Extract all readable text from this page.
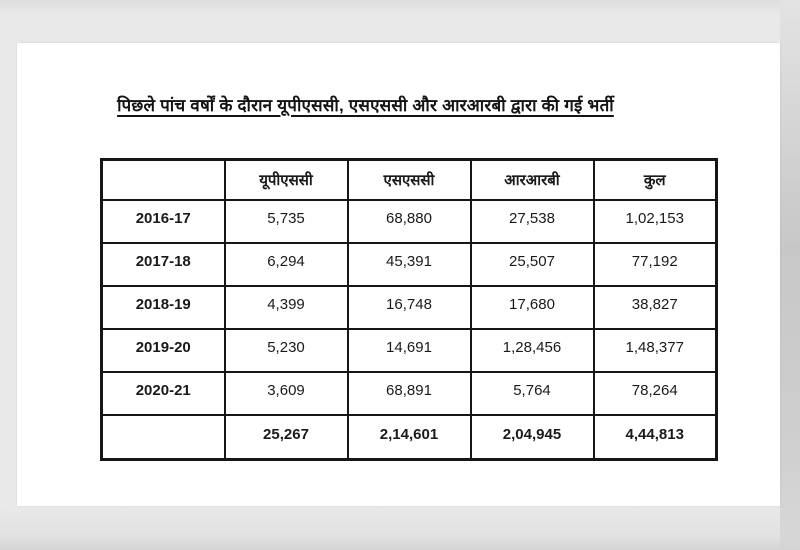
पिछले पांच वर्षों के दौरान यूपीएससी, एसएससी और आरआरबी द्वारा की गई भर्ती
	यूपीएससी	एसएससी	आरआरबी	कुल
2016-17	5,735	68,880	27,538	1,02,153
2017-18	6,294	45,391	25,507	77,192
2018-19	4,399	16,748	17,680	38,827
2019-20	5,230	14,691	1,28,456	1,48,377
2020-21	3,609	68,891	5,764	78,264
	25,267	2,14,601	2,04,945	4,44,813
